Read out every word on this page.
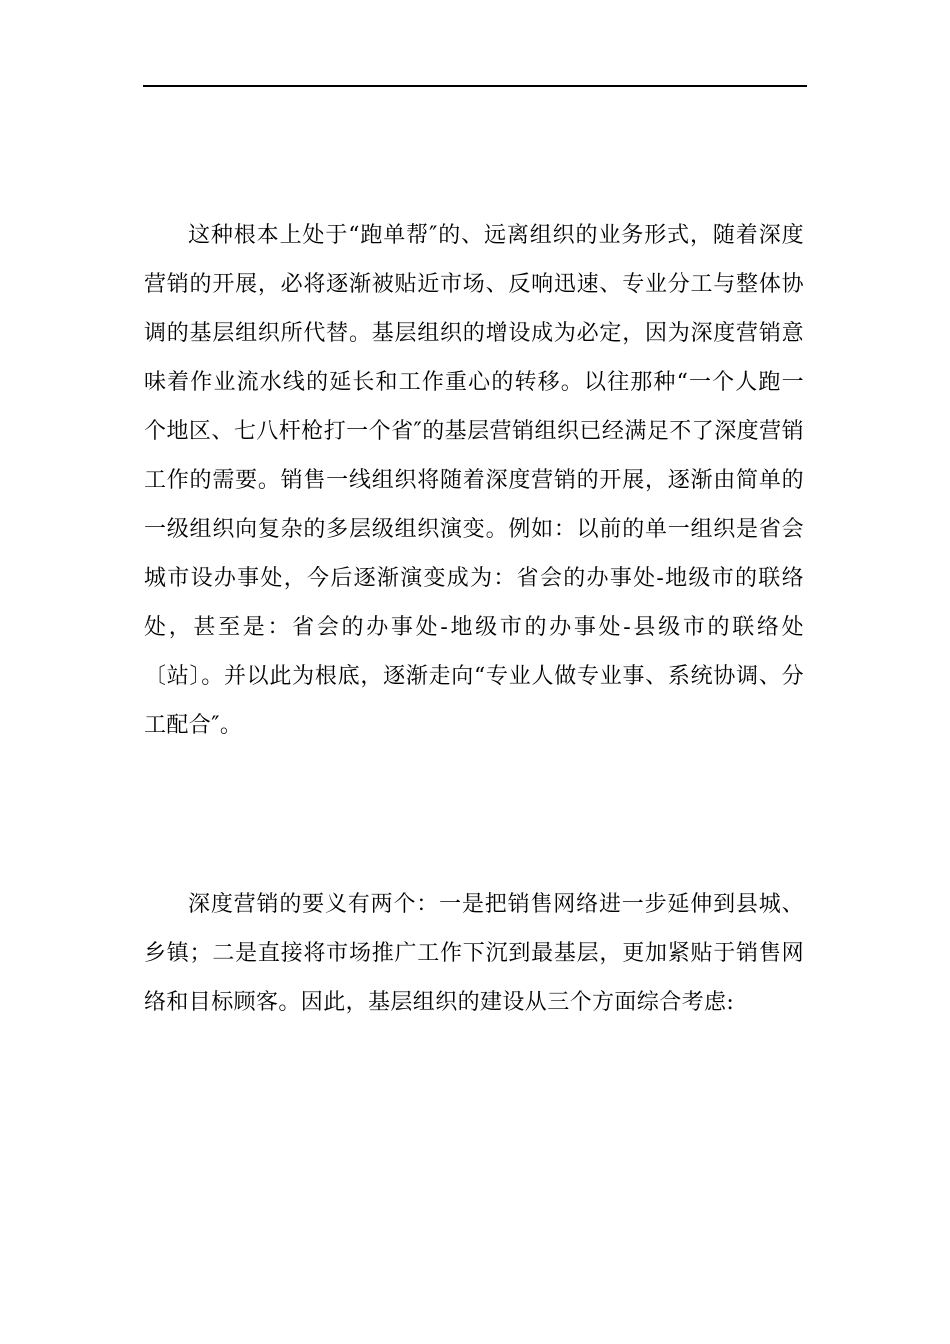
这种根本上处于“跑单帮″的、远离组织的业务形式，随着深度营销的开展，必将逐渐被贴近市场、反响迅速、专业分工与整体协调的基层组织所代替。基层组织的增设成为必定，因为深度营销意味着作业流水线的延长和工作重心的转移。以往那种“一个人跑一个地区、七八杆枪打一个省″的基层营销组织已经满足不了深度营销工作的需要。销售一线组织将随着深度营销的开展，逐渐由简单的一级组织向复杂的多层级组织演变。例如：以前的单一组织是省会城市设办事处，今后逐渐演变成为：省会的办事处-地级市的联络处，甚至是：省会的办事处-地级市的办事处-县级市的联络处〔站〕。并以此为根底，逐渐走向“专业人做专业事、系统协调、分工配合″。

深度营销的要义有两个：一是把销售网络进一步延伸到县城、乡镇；二是直接将市场推广工作下沉到最基层，更加紧贴于销售网络和目标顾客。因此，基层组织的建设从三个方面综合考虑:
